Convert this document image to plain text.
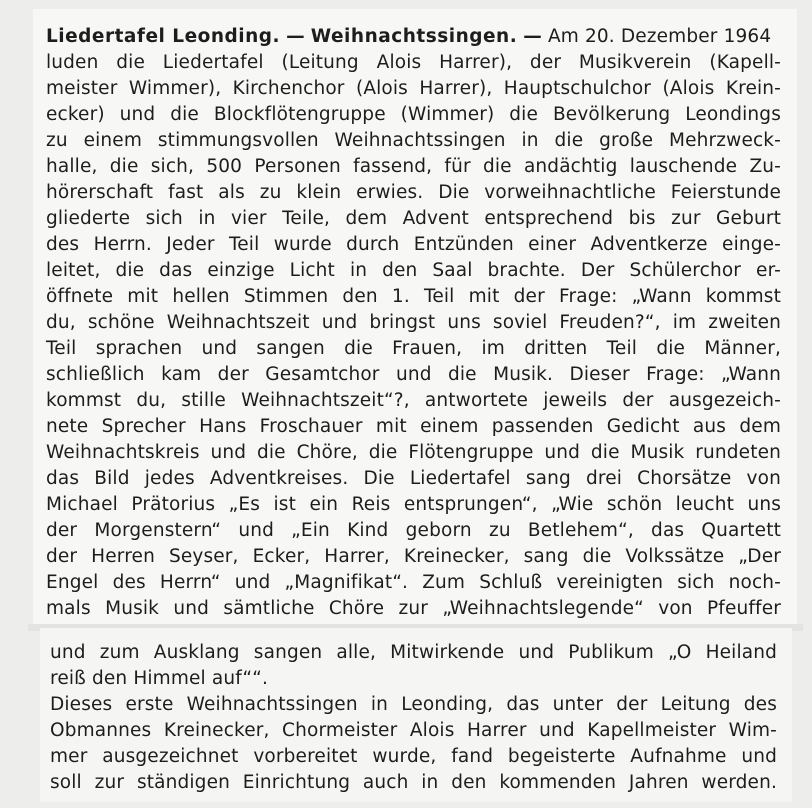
Liedertafel Leonding. — Weihnachtssingen. — Am 20. Dezember 1964
luden die Liedertafel (Leitung Alois Harrer), der Musikverein (Kapell-
meister Wimmer), Kirchenchor (Alois Harrer), Hauptschulchor (Alois Krein-
ecker) und die Blockflötengruppe (Wimmer) die Bevölkerung Leondings
zu einem stimmungsvollen Weihnachtssingen in die große Mehrzweck-
halle, die sich, 500 Personen fassend, für die andächtig lauschende Zu-
hörerschaft fast als zu klein erwies. Die vorweihnachtliche Feierstunde
gliederte sich in vier Teile, dem Advent entsprechend bis zur Geburt
des Herrn. Jeder Teil wurde durch Entzünden einer Adventkerze einge-
leitet, die das einzige Licht in den Saal brachte. Der Schülerchor er-
öffnete mit hellen Stimmen den 1. Teil mit der Frage: „Wann kommst
du, schöne Weihnachtszeit und bringst uns soviel Freuden?“, im zweiten
Teil sprachen und sangen die Frauen, im dritten Teil die Männer,
schließlich kam der Gesamtchor und die Musik. Dieser Frage: „Wann
kommst du, stille Weihnachtszeit“?, antwortete jeweils der ausgezeich-
nete Sprecher Hans Froschauer mit einem passenden Gedicht aus dem
Weihnachtskreis und die Chöre, die Flötengruppe und die Musik rundeten
das Bild jedes Adventkreises. Die Liedertafel sang drei Chorsätze von
Michael Prätorius „Es ist ein Reis entsprungen“, „Wie schön leucht uns
der Morgenstern“ und „Ein Kind geborn zu Betlehem“, das Quartett
der Herren Seyser, Ecker, Harrer, Kreinecker, sang die Volkssätze „Der
Engel des Herrn“ und „Magnifikat“. Zum Schluß vereinigten sich noch-
mals Musik und sämtliche Chöre zur „Weihnachtslegende“ von Pfeuffer
und zum Ausklang sangen alle, Mitwirkende und Publikum „O Heiland
reiß den Himmel auf““.
Dieses erste Weihnachtssingen in Leonding, das unter der Leitung des
Obmannes Kreinecker, Chormeister Alois Harrer und Kapellmeister Wim-
mer ausgezeichnet vorbereitet wurde, fand begeisterte Aufnahme und
soll zur ständigen Einrichtung auch in den kommenden Jahren werden.
